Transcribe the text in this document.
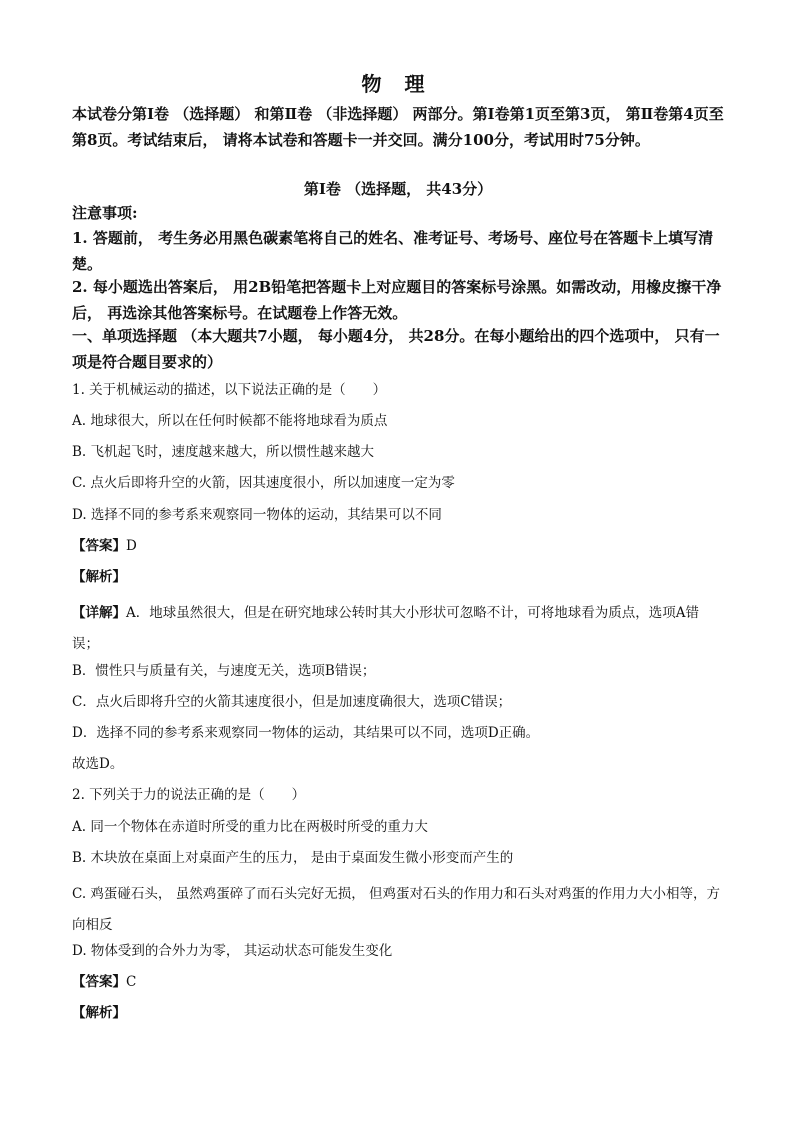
物 理
本试卷分第Ⅰ卷 （选择题） 和第Ⅱ卷 （非选择题） 两部分。第Ⅰ卷第1页至第3页， 第Ⅱ卷第4页至第8页。考试结束后， 请将本试卷和答题卡一并交回。满分100分，考试用时75分钟。
第Ⅰ卷 （选择题， 共43分）
注意事项:
1. 答题前， 考生务必用黑色碳素笔将自己的姓名、准考证号、考场号、座位号在答题卡上填写清楚。
2. 每小题选出答案后， 用2B铅笔把答题卡上对应题目的答案标号涂黑。如需改动，用橡皮擦干净后， 再选涂其他答案标号。在试题卷上作答无效。
一、单项选择题 （本大题共7小题， 每小题4分， 共28分。在每小题给出的四个选项中， 只有一项是符合题目要求的）
1. 关于机械运动的描述，以下说法正确的是（　　）
A. 地球很大，所以在任何时候都不能将地球看为质点
B. 飞机起飞时，速度越来越大，所以惯性越来越大
C. 点火后即将升空的火箭，因其速度很小，所以加速度一定为零
D. 选择不同的参考系来观察同一物体的运动，其结果可以不同
【答案】D
【解析】
【详解】A．地球虽然很大，但是在研究地球公转时其大小形状可忽略不计，可将地球看为质点，选项A错误；
B．惯性只与质量有关，与速度无关，选项B错误；
C．点火后即将升空的火箭其速度很小，但是加速度确很大，选项C错误；
D．选择不同的参考系来观察同一物体的运动，其结果可以不同，选项D正确。
故选D。
2. 下列关于力的说法正确的是（　　）
A. 同一个物体在赤道时所受的重力比在两极时所受的重力大
B. 木块放在桌面上对桌面产生的压力， 是由于桌面发生微小形变而产生的
C. 鸡蛋碰石头， 虽然鸡蛋碎了而石头完好无损， 但鸡蛋对石头的作用力和石头对鸡蛋的作用力大小相等，方向相反
D. 物体受到的合外力为零， 其运动状态可能发生变化
【答案】C
【解析】
